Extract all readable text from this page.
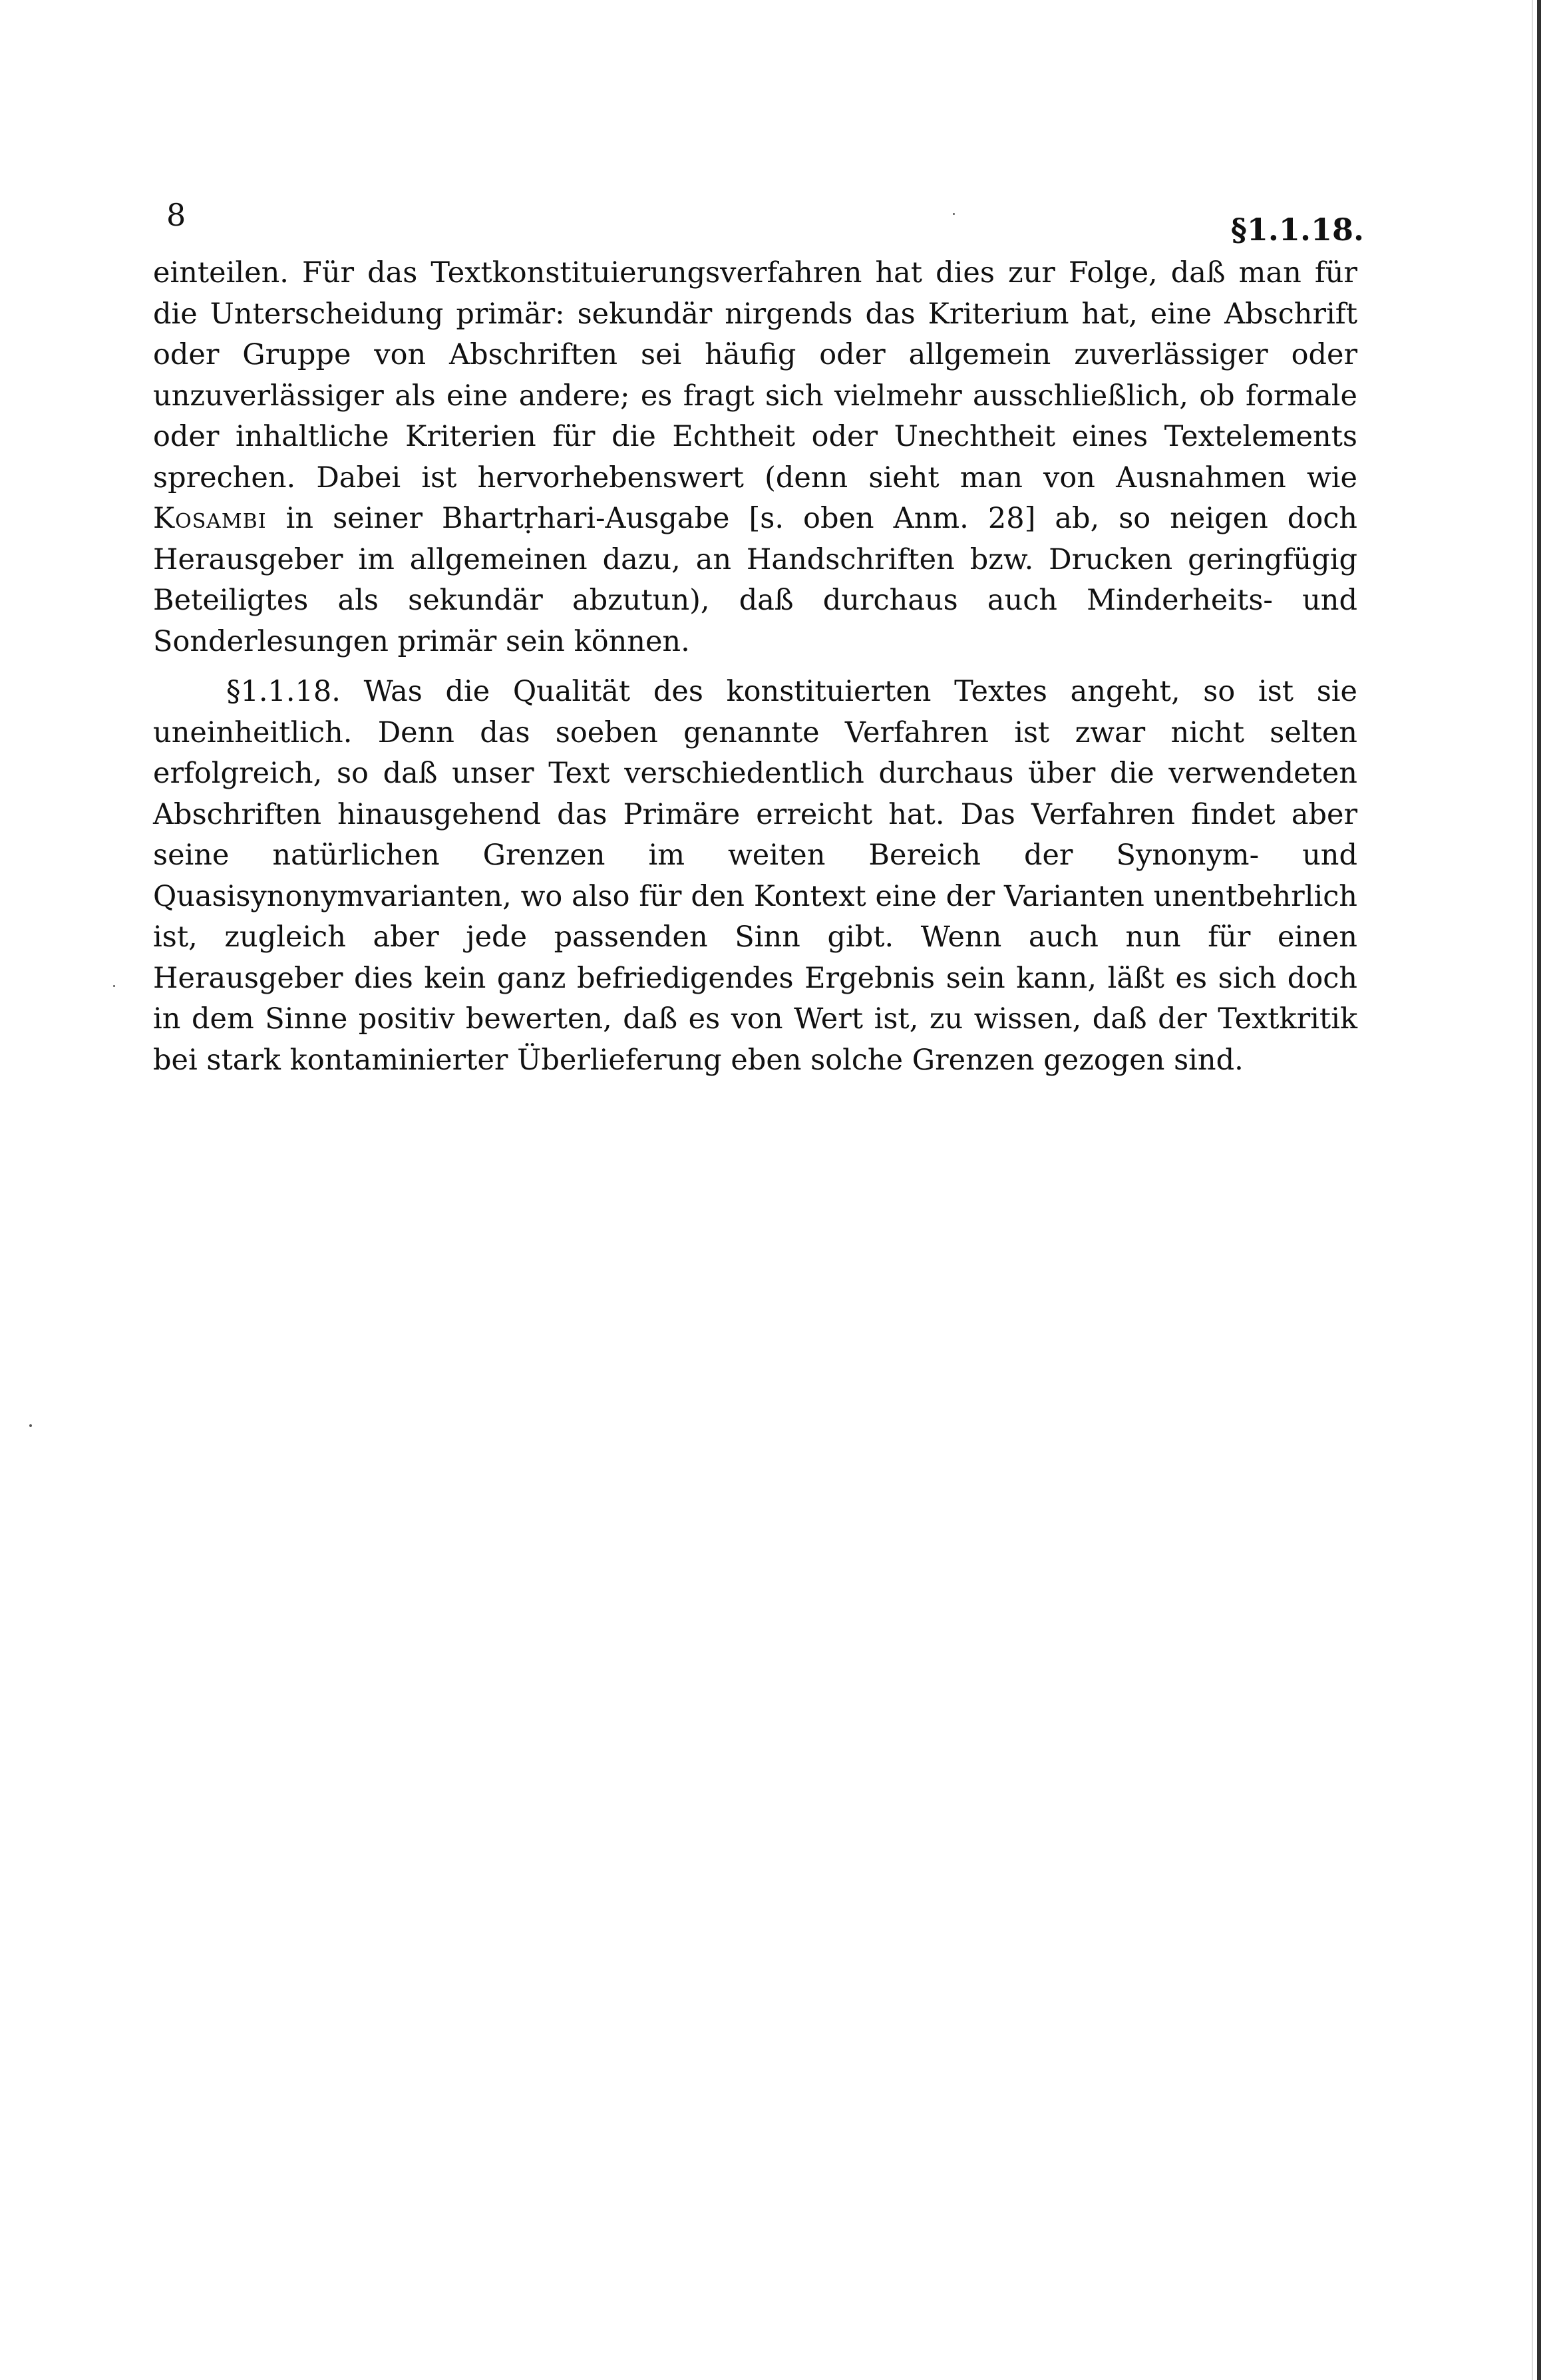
8	§1.1.18.

einteilen. Für das Textkonstituierungsverfahren hat dies zur Folge, daß man für die Unterscheidung primär: sekundär nirgends das Kriterium hat, eine Abschrift oder Gruppe von Abschriften sei häufig oder allgemein zuverlässiger oder unzuverlässiger als eine andere; es fragt sich vielmehr ausschließlich, ob formale oder inhaltliche Kriterien für die Echtheit oder Unechtheit eines Textelements sprechen. Dabei ist hervorhebenswert (denn sieht man von Ausnahmen wie Kosambi in seiner Bhartṛhari-Ausgabe [s. oben Anm. 28] ab, so neigen doch Herausgeber im allgemeinen dazu, an Handschriften bzw. Drucken geringfügig Beteiligtes als sekundär abzutun), daß durchaus auch Minderheits- und Sonderlesungen primär sein können.

§1.1.18. Was die Qualität des konstituierten Textes angeht, so ist sie uneinheitlich. Denn das soeben genannte Verfahren ist zwar nicht selten erfolgreich, so daß unser Text verschiedentlich durchaus über die verwendeten Abschriften hinausgehend das Primäre erreicht hat. Das Verfahren findet aber seine natürlichen Grenzen im weiten Bereich der Synonym- und Quasisynonymvarianten, wo also für den Kontext eine der Varianten unentbehrlich ist, zugleich aber jede passenden Sinn gibt. Wenn auch nun für einen Herausgeber dies kein ganz befriedigendes Ergebnis sein kann, läßt es sich doch in dem Sinne positiv bewerten, daß es von Wert ist, zu wissen, daß der Textkritik bei stark kontaminierter Überlieferung eben solche Grenzen gezogen sind.
